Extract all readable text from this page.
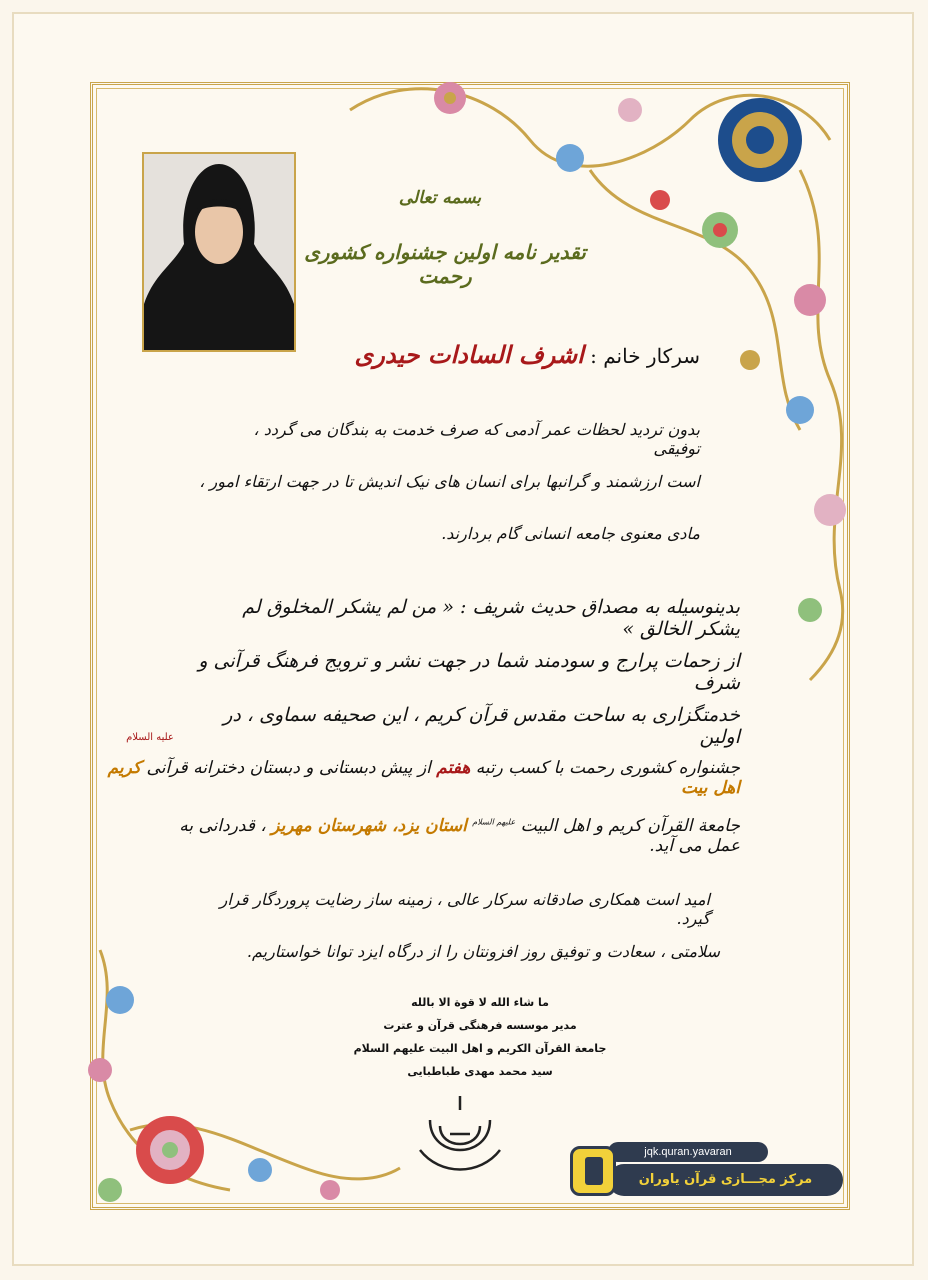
بسمه تعالی
تقدیر نامه اولین جشنواره کشوری رحمت
سرکار خانم : اشرف السادات حیدری
بدون تردید لحظات عمر آدمی که صرف خدمت به بندگان می گردد ، توفیقی
است ارزشمند و گرانبها برای انسان های نیک اندیش تا در جهت ارتقاء امور ،
مادی معنوی جامعه انسانی گام بردارند.
بدینوسیله به مصداق حدیث شریف : « من لم یشکر المخلوق لم یشکر الخالق »
از زحمات پرارج و سودمند شما در جهت نشر و ترویج فرهنگ قرآنی و شرف
خدمتگزاری به ساحت مقدس قرآن کریم ، این صحیفه سماوی ، در اولین
جشنواره کشوری رحمت با کسب رتبه هفتم از پیش دبستانی و دبستان دخترانه قرآنی کریم اهل بیت
علیه السلام
جامعة القرآن کریم و اهل البیت $^{علیهم السلام}$ استان یزد، شهرستان مهریز ، قدردانی به عمل می آید.
امید است همکاری صادقانه سرکار عالی ، زمینه ساز رضایت پروردگار قرار گیرد.
سلامتی ، سعادت و توفیق روز افزونتان را از درگاه ایزد توانا خواستاریم.
ما شاء الله لا قوة الا بالله
مدیر موسسه فرهنگی قرآن و عترت
جامعة القرآن الکریم و اهل البیت علیهم السلام
سید محمد مهدی طباطبایی
jqk.quran.yavaran
مرکز مجـــازی قرآن یاوران
